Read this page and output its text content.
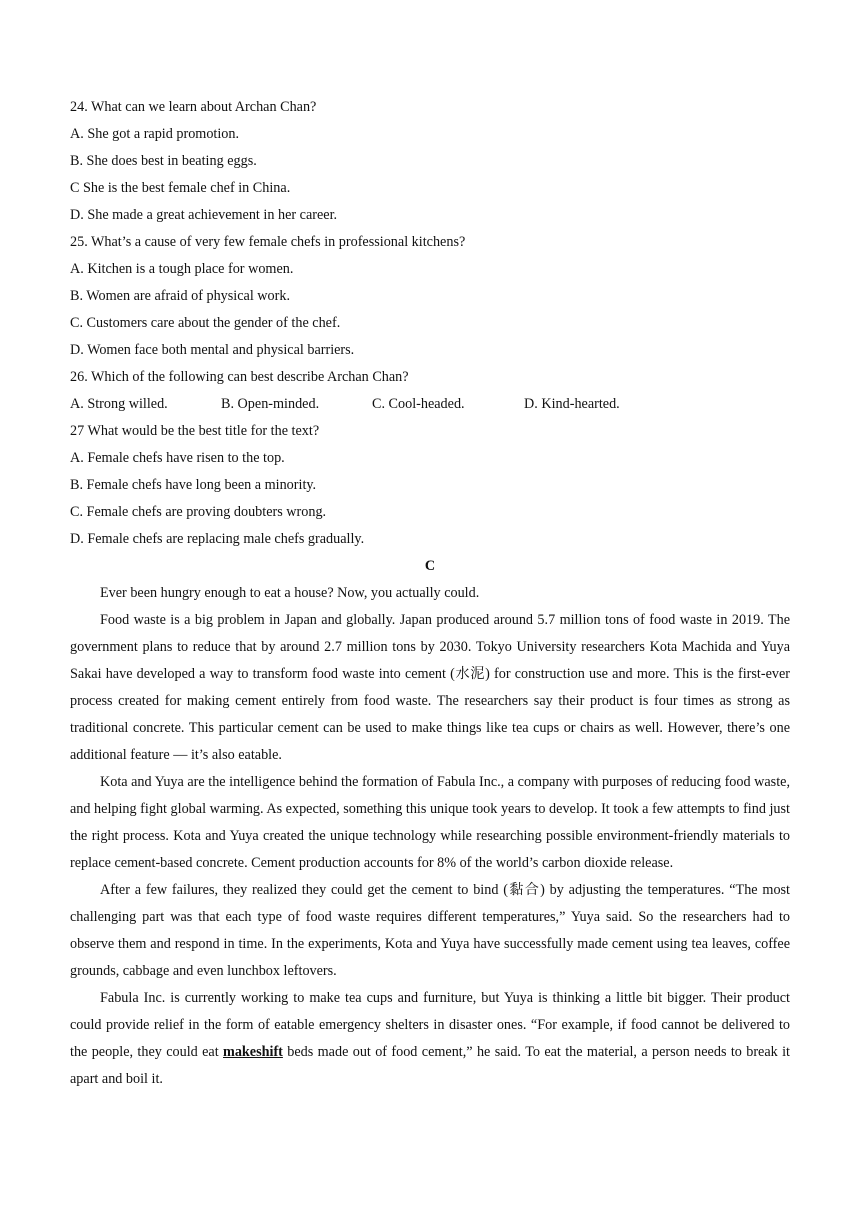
24. What can we learn about Archan Chan?
A. She got a rapid promotion.
B. She does best in beating eggs.
C She is the best female chef in China.
D. She made a great achievement in her career.
25. What’s a cause of very few female chefs in professional kitchens?
A. Kitchen is a tough place for women.
B. Women are afraid of physical work.
C. Customers care about the gender of the chef.
D. Women face both mental and physical barriers.
26. Which of the following can best describe Archan Chan?
A. Strong willed.	B. Open-minded.	C. Cool-headed.	D. Kind-hearted.
27 What would be the best title for the text?
A. Female chefs have risen to the top.
B. Female chefs have long been a minority.
C. Female chefs are proving doubters wrong.
D. Female chefs are replacing male chefs gradually.
C

Ever been hungry enough to eat a house? Now, you actually could.

Food waste is a big problem in Japan and globally. Japan produced around 5.7 million tons of food waste in 2019. The government plans to reduce that by around 2.7 million tons by 2030. Tokyo University researchers Kota Machida and Yuya Sakai have developed a way to transform food waste into cement (水泥) for construction use and more. This is the first-ever process created for making cement entirely from food waste. The researchers say their product is four times as strong as traditional concrete. This particular cement can be used to make things like tea cups or chairs as well. However, there’s one additional feature — it’s also eatable.

Kota and Yuya are the intelligence behind the formation of Fabula Inc., a company with purposes of reducing food waste, and helping fight global warming. As expected, something this unique took years to develop. It took a few attempts to find just the right process. Kota and Yuya created the unique technology while researching possible environment-friendly materials to replace cement-based concrete. Cement production accounts for 8% of the world’s carbon dioxide release.

After a few failures, they realized they could get the cement to bind (黏合) by adjusting the temperatures. “The most challenging part was that each type of food waste requires different temperatures,” Yuya said. So the researchers had to observe them and respond in time. In the experiments, Kota and Yuya have successfully made cement using tea leaves, coffee grounds, cabbage and even lunchbox leftovers.

Fabula Inc. is currently working to make tea cups and furniture, but Yuya is thinking a little bit bigger. Their product could provide relief in the form of eatable emergency shelters in disaster ones. “For example, if food cannot be delivered to the people, they could eat makeshift beds made out of food cement,” he said. To eat the material, a person needs to break it apart and boil it.
